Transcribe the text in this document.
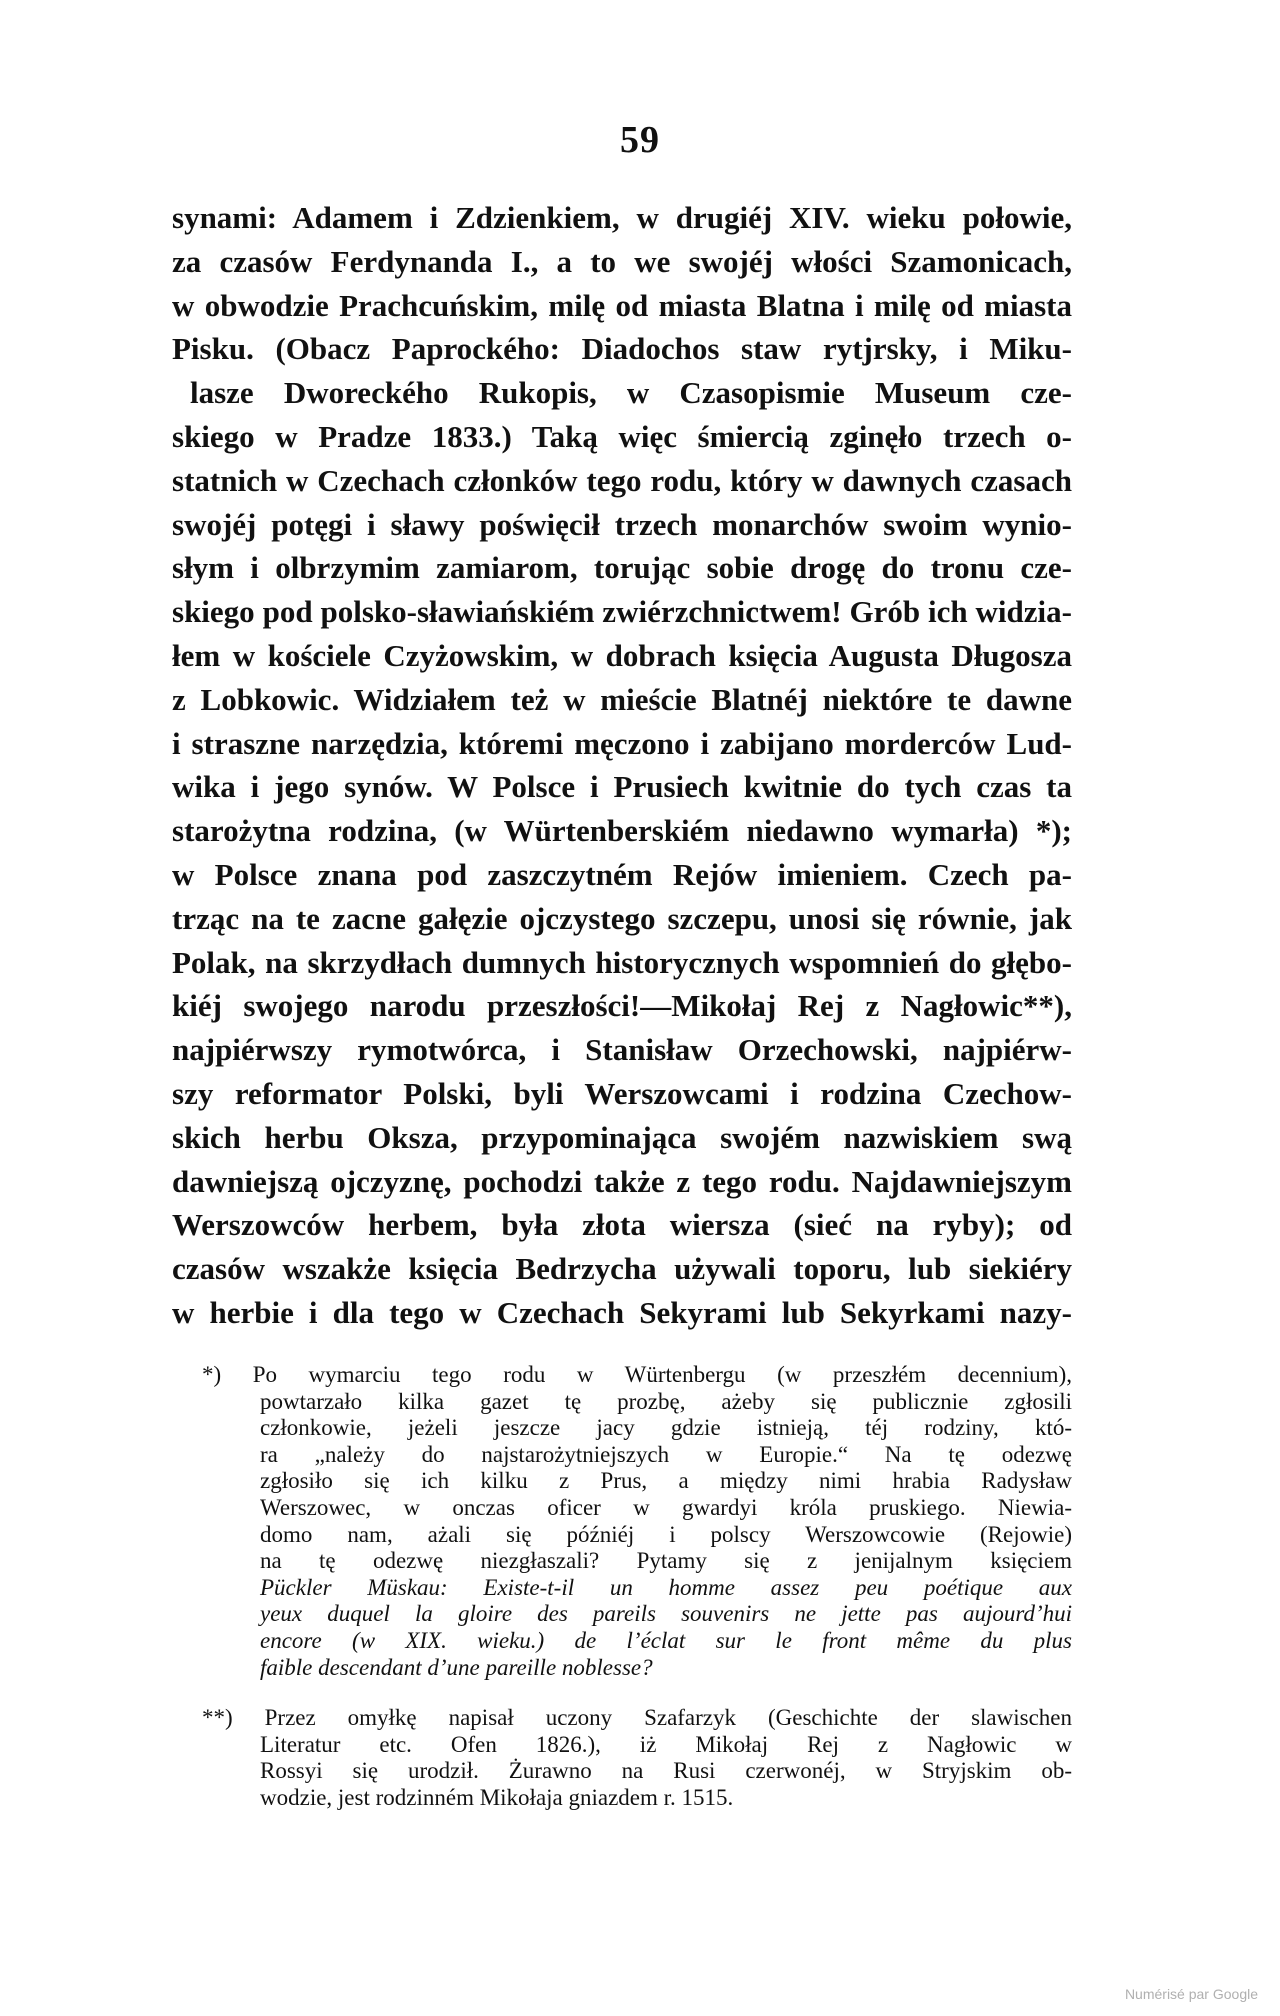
59
synami: Adamem i Zdzienkiem, w drugiéj XIV. wieku połowie,
za czasów Ferdynanda I., a to we swojéj włości Szamonicach,
w obwodzie Prachcuńskim, milę od miasta Blatna i milę od miasta
Pisku. (Obacz Paprockého: Diadochos staw rytjrsky, i Miku-
lasze Dworeckého Rukopis, w Czasopismie Museum cze-
skiego w Pradze 1833.) Taką więc śmiercią zginęło trzech o-
statnich w Czechach członków tego rodu, który w dawnych czasach
swojéj potęgi i sławy poświęcił trzech monarchów swoim wynio-
słym i olbrzymim zamiarom, torując sobie drogę do tronu cze-
skiego pod polsko-sławiańskiém zwiérzchnictwem! Grób ich widzia-
łem w kościele Czyżowskim, w dobrach księcia Augusta Długosza
z Lobkowic. Widziałem też w mieście Blatnéj niektóre te dawne
i straszne narzędzia, któremi męczono i zabijano morderców Lud-
wika i jego synów. W Polsce i Prusiech kwitnie do tych czas ta
starożytna rodzina, (w Würtenberskiém niedawno wymarła) *);
w Polsce znana pod zaszczytném Rejów imieniem. Czech pa-
trząc na te zacne gałęzie ojczystego szczepu, unosi się równie, jak
Polak, na skrzydłach dumnych historycznych wspomnień do głębo-
kiéj swojego narodu przeszłości!—Mikołaj Rej z Nagłowic**),
najpiérwszy rymotwórca, i Stanisław Orzechowski, najpiérw-
szy reformator Polski, byli Werszowcami i rodzina Czechow-
skich herbu Oksza, przypominająca swojém nazwiskiem swą
dawniejszą ojczyznę, pochodzi także z tego rodu. Najdawniejszym
Werszowców herbem, była złota wiersza (sieć na ryby); od
czasów wszakże księcia Bedrzycha używali toporu, lub siekiéry
w herbie i dla tego w Czechach Sekyrami lub Sekyrkami nazy-
*) Po wymarciu tego rodu w Würtenbergu (w przeszłém decennium),
powtarzało kilka gazet tę prozbę, ażeby się publicznie zgłosili
członkowie, jeżeli jeszcze jacy gdzie istnieją, téj rodziny, któ-
ra „należy do najstarożytniejszych w Europie.“ Na tę odezwę
zgłosiło się ich kilku z Prus, a między nimi hrabia Radysław
Werszowec, w onczas oficer w gwardyi króla pruskiego. Niewia-
domo nam, ażali się późniéj i polscy Werszowcowie (Rejowie)
na tę odezwę niezgłaszali? Pytamy się z jenijalnym księciem
Pückler Müskau: Existe-t-il un homme assez peu poétique aux
yeux duquel la gloire des pareils souvenirs ne jette pas aujourd’hui
encore (w XIX. wieku.) de l’éclat sur le front même du plus
faible descendant d’une pareille noblesse?
**) Przez omyłkę napisał uczony Szafarzyk (Geschichte der slawischen
Literatur etc. Ofen 1826.), iż Mikołaj Rej z Nagłowic w
Rossyi się urodził. Żurawno na Rusi czerwonéj, w Stryjskim ob-
wodzie, jest rodzinném Mikołaja gniazdem r. 1515.
Numérisé par Google
